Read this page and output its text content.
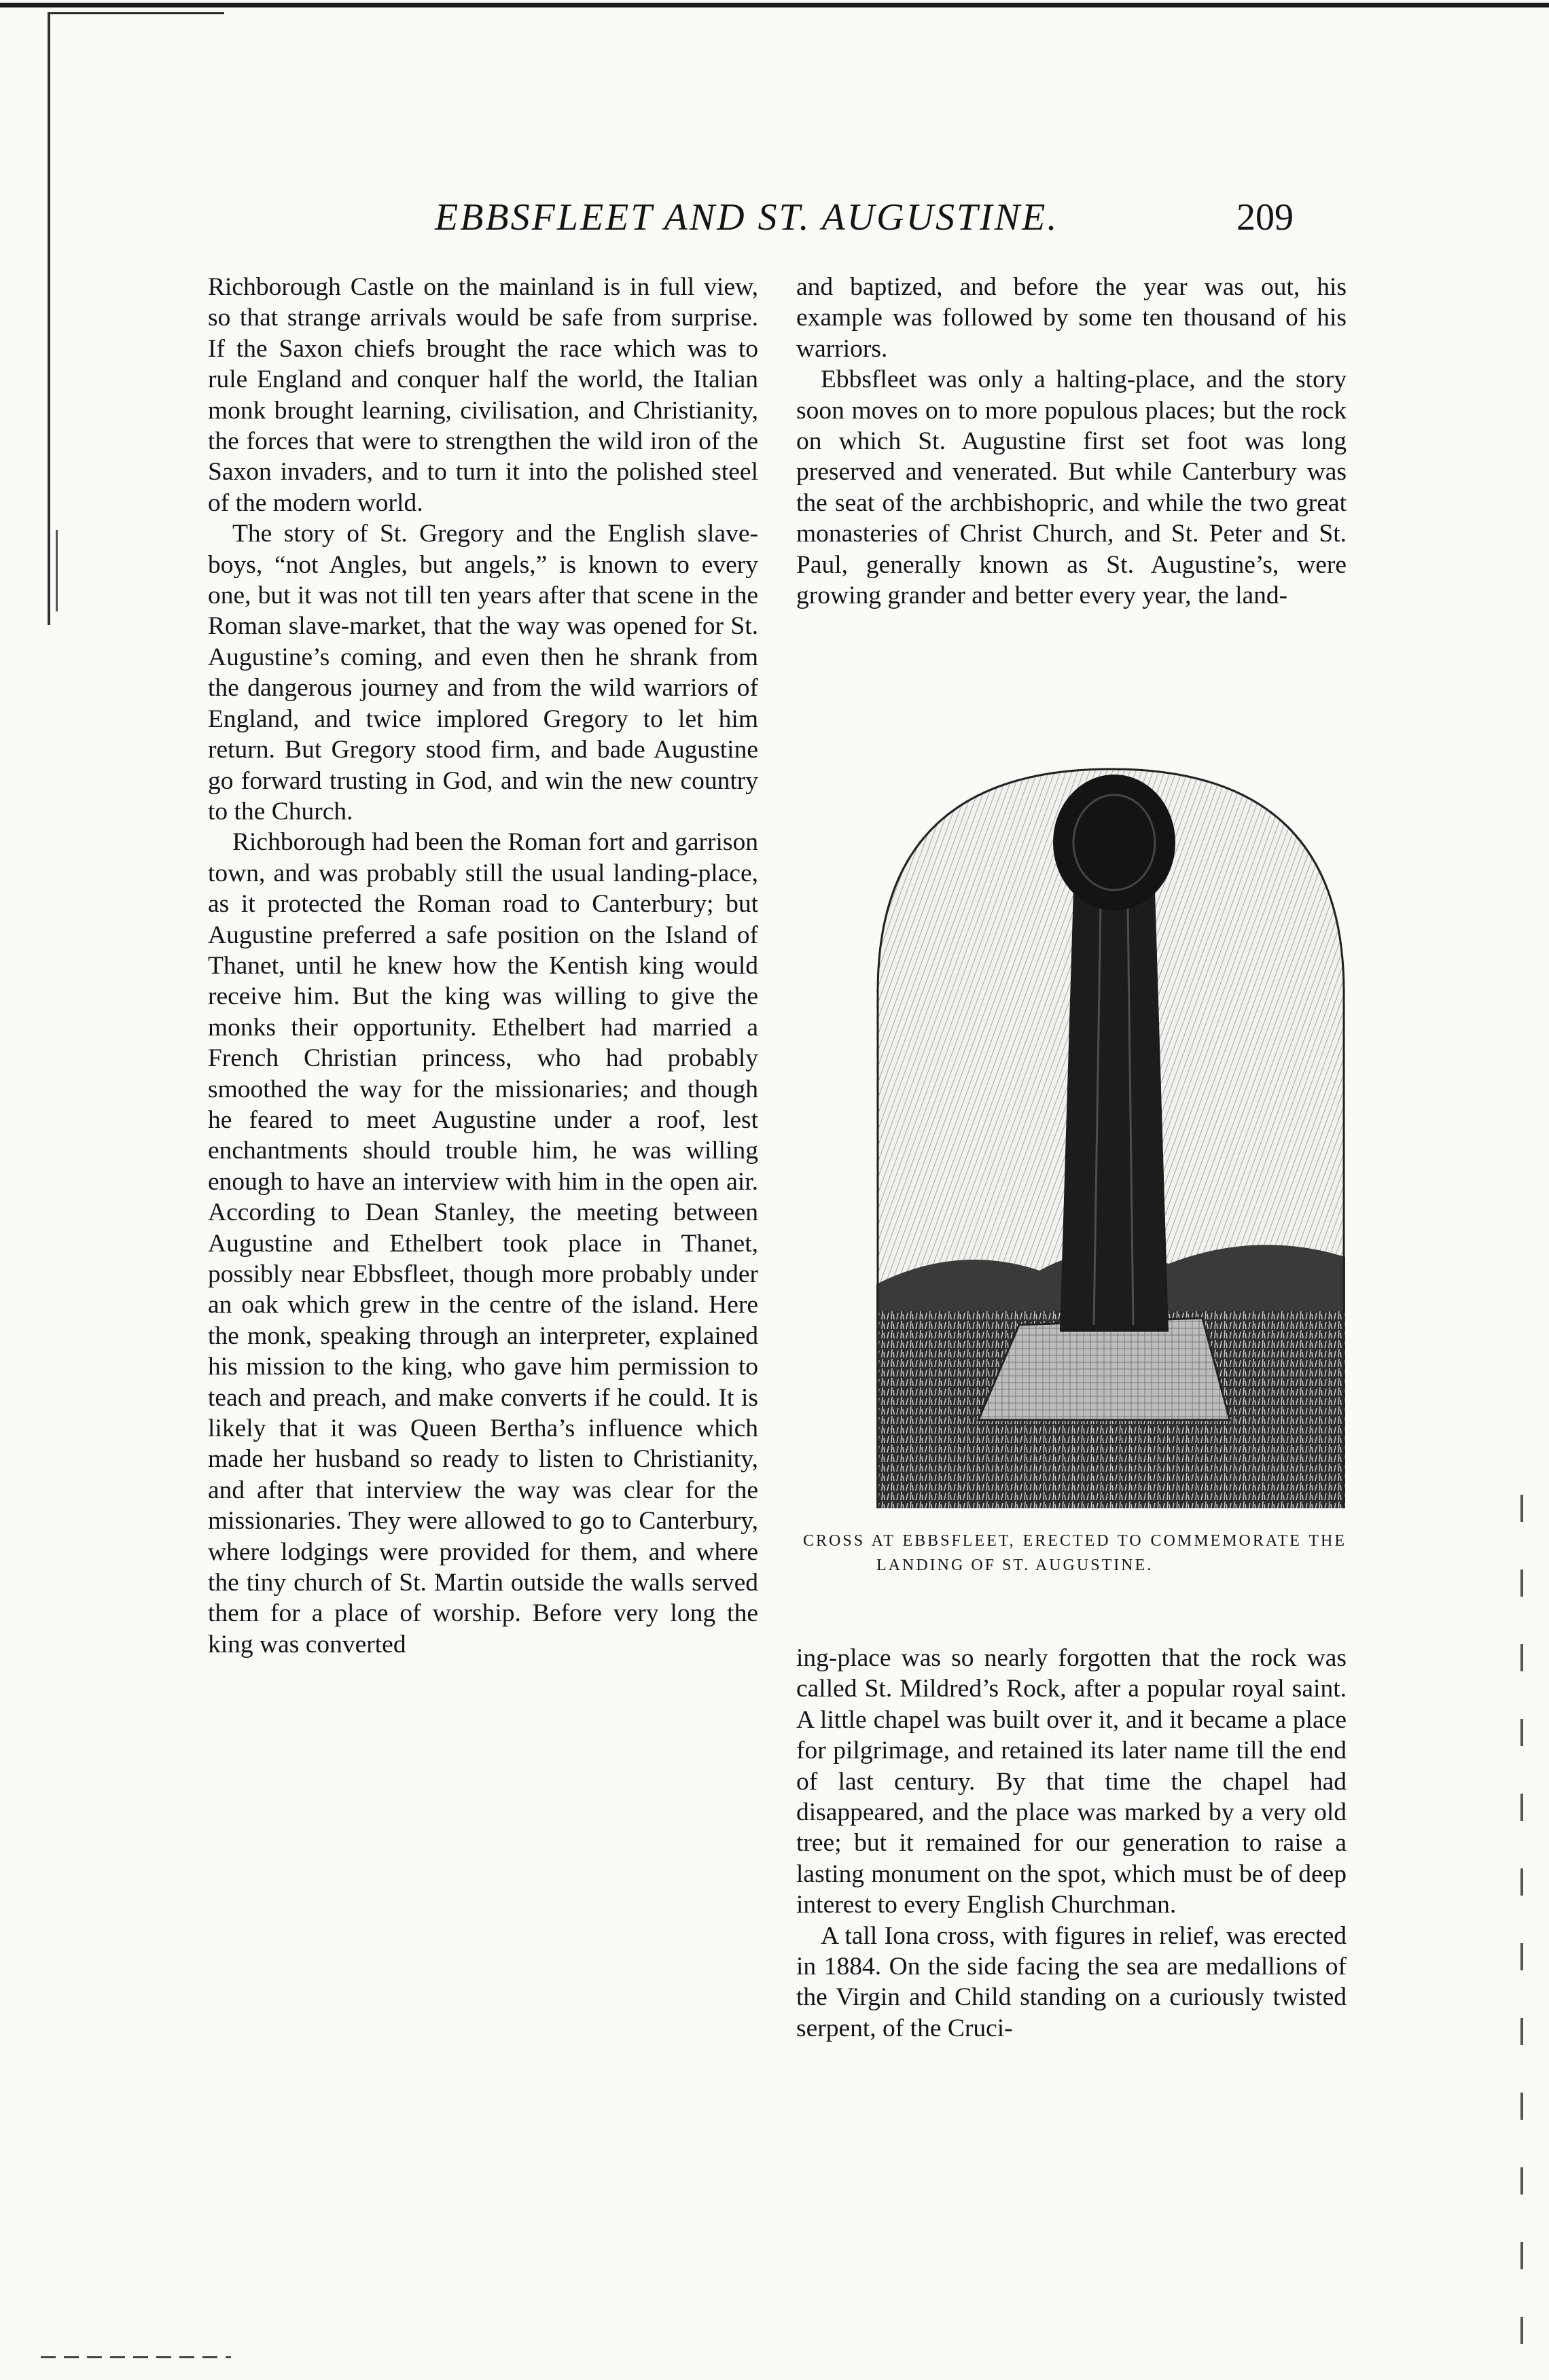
EBBSFLEET AND ST. AUGUSTINE.	209

Richborough Castle on the mainland is in full view, so that strange arrivals would be safe from surprise. If the Saxon chiefs brought the race which was to rule England and conquer half the world, the Italian monk brought learning, civilisation, and Christianity, the forces that were to strengthen the wild iron of the Saxon invaders, and to turn it into the polished steel of the modern world.

The story of St. Gregory and the English slave-boys, “not Angles, but angels,” is known to every one, but it was not till ten years after that scene in the Roman slave-market, that the way was opened for St. Augustine’s coming, and even then he shrank from the dangerous journey and from the wild warriors of England, and twice implored Gregory to let him return. But Gregory stood firm, and bade Augustine go forward trusting in God, and win the new country to the Church.

Richborough had been the Roman fort and garrison town, and was probably still the usual landing-place, as it protected the Roman road to Canterbury; but Augustine preferred a safe position on the Island of Thanet, until he knew how the Kentish king would receive him. But the king was willing to give the monks their opportunity. Ethelbert had married a French Christian princess, who had probably smoothed the way for the missionaries; and though he feared to meet Augustine under a roof, lest enchantments should trouble him, he was willing enough to have an interview with him in the open air. According to Dean Stanley, the meeting between Augustine and Ethelbert took place in Thanet, possibly near Ebbsfleet, though more probably under an oak which grew in the centre of the island. Here the monk, speaking through an interpreter, explained his mission to the king, who gave him permission to teach and preach, and make converts if he could. It is likely that it was Queen Bertha’s influence which made her husband so ready to listen to Christianity, and after that interview the way was clear for the missionaries. They were allowed to go to Canterbury, where lodgings were provided for them, and where the tiny church of St. Martin outside the walls served them for a place of worship. Before very long the king was converted

and baptized, and before the year was out, his example was followed by some ten thousand of his warriors.

Ebbsfleet was only a halting-place, and the story soon moves on to more populous places; but the rock on which St. Augustine first set foot was long preserved and venerated. But while Canterbury was the seat of the archbishopric, and while the two great monasteries of Christ Church, and St. Peter and St. Paul, generally known as St. Augustine’s, were growing grander and better every year, the land-

CROSS AT EBBSFLEET, ERECTED TO COMMEMORATE THE LANDING OF ST. AUGUSTINE.

ing-place was so nearly forgotten that the rock was called St. Mildred’s Rock, after a popular royal saint. A little chapel was built over it, and it became a place for pilgrimage, and retained its later name till the end of last century. By that time the chapel had disappeared, and the place was marked by a very old tree; but it remained for our generation to raise a lasting monument on the spot, which must be of deep interest to every English Churchman.

A tall Iona cross, with figures in relief, was erected in 1884. On the side facing the sea are medallions of the Virgin and Child standing on a curiously twisted serpent, of the Cruci-
